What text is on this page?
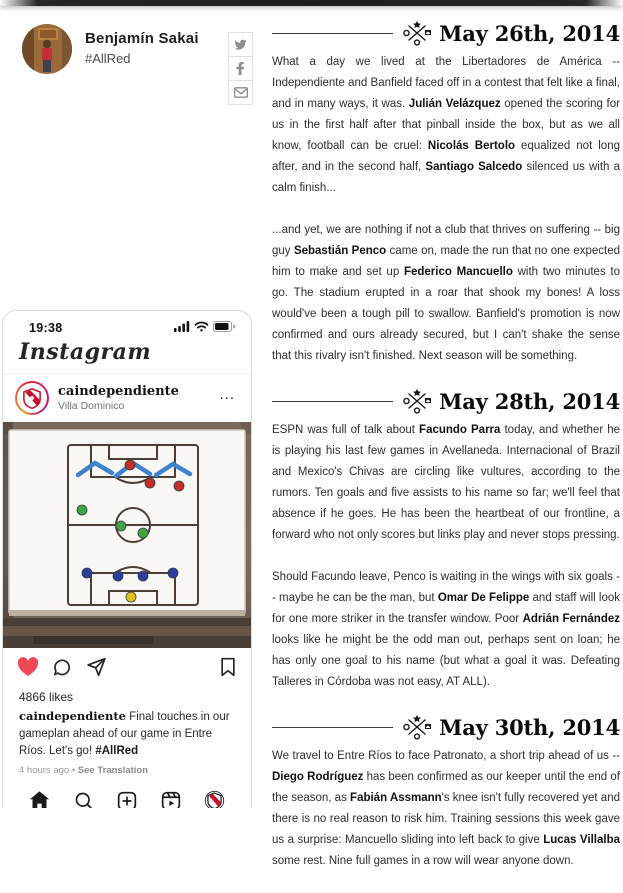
Benjamín Sakai
#AllRed
19:38
Instagram
caindependiente
Villa Dominico
...
4866 likes
caindependiente Final touches in our gameplan ahead of our game in Entre Ríos. Let's go! #AllRed
4 hours ago • See Translation
May 26th, 2014

What a day we lived at the Libertadores de América -- Independiente and Banfield faced off in a contest that felt like a final, and in many ways, it was. Julián Velázquez opened the scoring for us in the first half after that pinball inside the box, but as we all know, football can be cruel: Nicolás Bertolo equalized not long after, and in the second half, Santiago Salcedo silenced us with a calm finish...

...and yet, we are nothing if not a club that thrives on suffering -- big guy Sebastián Penco came on, made the run that no one expected him to make and set up Federico Mancuello with two minutes to go. The stadium erupted in a roar that shook my bones! A loss would've been a tough pill to swallow. Banfield's promotion is now confirmed and ours already secured, but I can't shake the sense that this rivalry isn't finished. Next season will be something.

May 28th, 2014

ESPN was full of talk about Facundo Parra today, and whether he is playing his last few games in Avellaneda. Internacional of Brazil and Mexico's Chivas are circling like vultures, according to the rumors. Ten goals and five assists to his name so far; we'll feel that absence if he goes. He has been the heartbeat of our frontline, a forward who not only scores but links play and never stops pressing.

Should Facundo leave, Penco is waiting in the wings with six goals -- maybe he can be the man, but Omar De Felippe and staff will look for one more striker in the transfer window. Poor Adrián Fernández looks like he might be the odd man out, perhaps sent on loan; he has only one goal to his name (but what a goal it was. Defeating Talleres in Córdoba was not easy, AT ALL).

May 30th, 2014

We travel to Entre Ríos to face Patronato, a short trip ahead of us -- Diego Rodríguez has been confirmed as our keeper until the end of the season, as Fabián Assmann's knee isn't fully recovered yet and there is no real reason to risk him. Training sessions this week gave us a surprise: Mancuello sliding into left back to give Lucas Villalba some rest. Nine full games in a row will wear anyone down.
